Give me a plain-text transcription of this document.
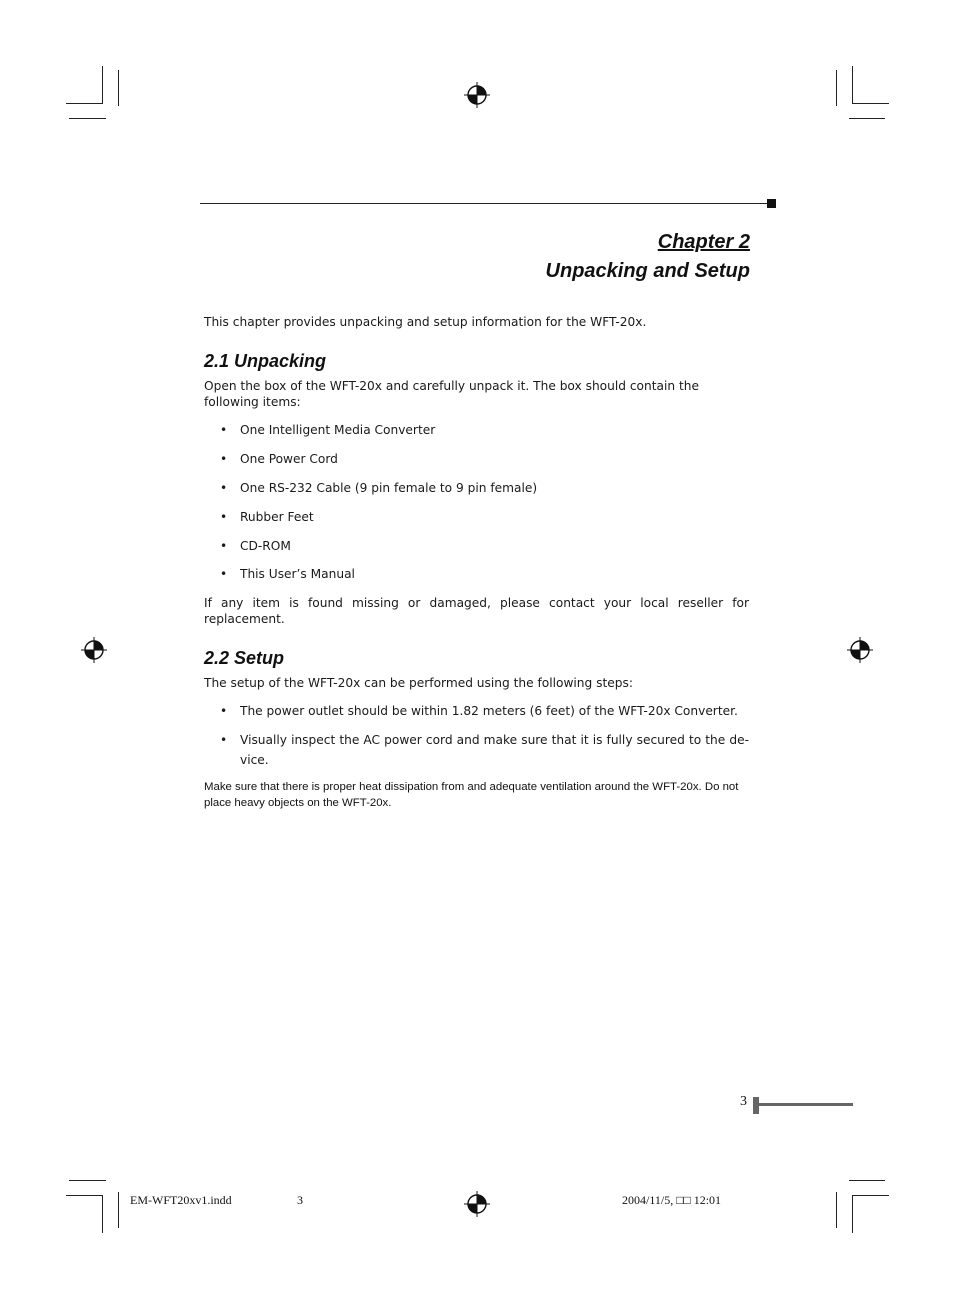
Chapter 2
Unpacking and Setup
This chapter provides unpacking and setup information for the WFT-20x.
2.1 Unpacking
Open the box of the WFT-20x and carefully unpack it. The box should contain the following items:
• One Intelligent Media Converter
• One Power Cord
• One RS-232 Cable (9 pin female to 9 pin female)
• Rubber Feet
• CD-ROM
• This User’s Manual
If any item is found missing or damaged, please contact your local reseller for replacement.
2.2 Setup
The setup of the WFT-20x can be performed using the following steps:
• The power outlet should be within 1.82 meters (6 feet) of the WFT-20x Converter.
• Visually inspect the AC power cord and make sure that it is fully secured to the de-vice.
Make sure that there is proper heat dissipation from and adequate ventilation around the WFT-20x. Do not place heavy objects on the WFT-20x.
3
EM-WFT20xv1.indd	3	2004/11/5, □□ 12:01
